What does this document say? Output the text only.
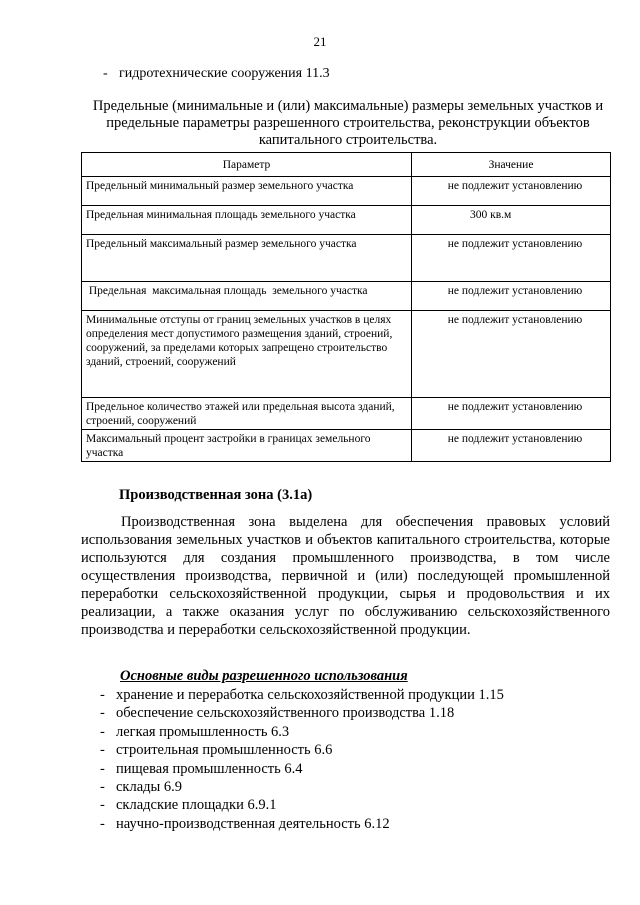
21
- гидротехнические сооружения 11.3
Предельные (минимальные и (или) максимальные) размеры земельных участков и предельные параметры разрешенного строительства, реконструкции объектов капитального строительства.
Параметр	Значение
Предельный минимальный размер земельного участка	не подлежит установлению
Предельная минимальная площадь земельного участка	300 кв.м
Предельный максимальный размер земельного участка	не подлежит установлению
Предельная  максимальная площадь  земельного участка	не подлежит установлению
Минимальные отступы от границ земельных участков в целях определения мест допустимого размещения зданий, строений, сооружений, за пределами которых запрещено строительство зданий, строений, сооружений	не подлежит установлению
Предельное количество этажей или предельная высота зданий, строений, сооружений	не подлежит установлению
Максимальный процент застройки в границах земельного участка	не подлежит установлению
Производственная зона (3.1а)
Производственная зона выделена для обеспечения правовых условий использования земельных участков и объектов капитального строительства, которые используются для создания промышленного производства, в том числе осуществления производства, первичной и (или) последующей промышленной переработки сельскохозяйственной продукции, сырья и продовольствия и их реализации, а также оказания услуг по обслуживанию сельскохозяйственного производства и переработки сельскохозяйственной продукции.
Основные виды разрешенного использования
- хранение и переработка сельскохозяйственной продукции 1.15
- обеспечение сельскохозяйственного производства 1.18
- легкая промышленность 6.3
- строительная промышленность 6.6
- пищевая промышленность 6.4
- склады 6.9
- складские площадки 6.9.1
- научно-производственная деятельность 6.12
